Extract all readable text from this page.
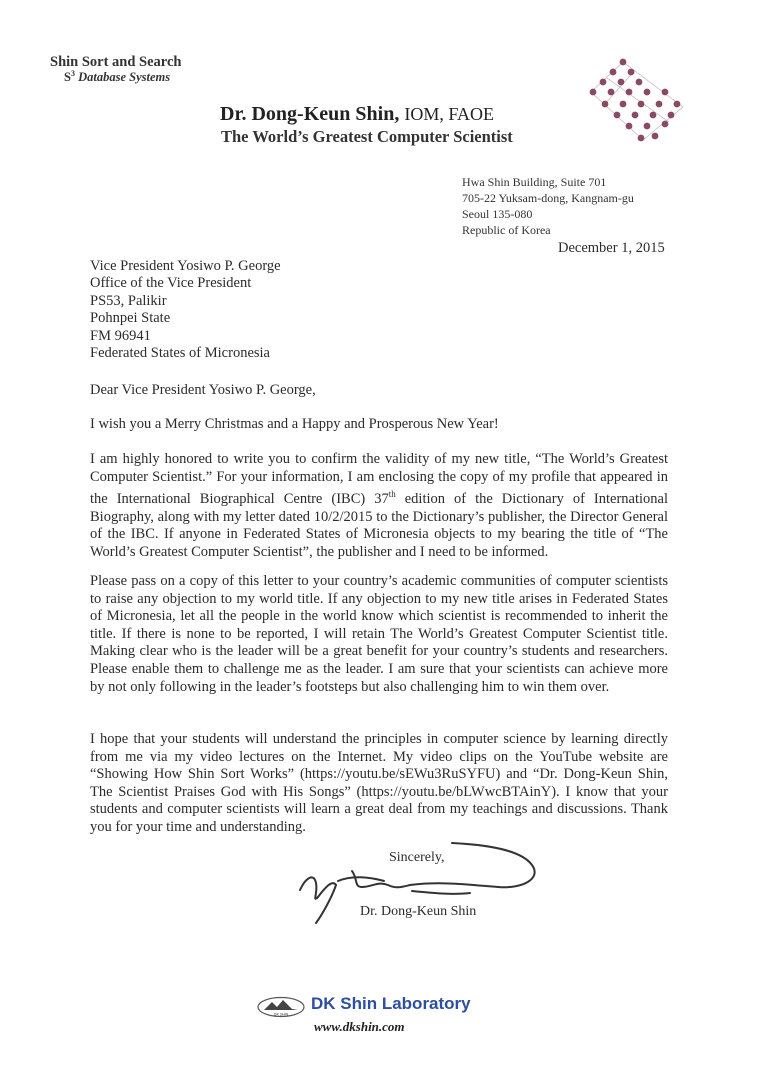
Shin Sort and Search
$S^3$ Database Systems
Dr. Dong-Keun Shin, IOM, FAOE
The World’s Greatest Computer Scientist
Hwa Shin Building, Suite 701
705-22 Yuksam-dong, Kangnam-gu
Seoul 135-080
Republic of Korea
December 1, 2015
Vice President Yosiwo P. George
Office of the Vice President
PS53, Palikir
Pohnpei State
FM 96941
Federated States of Micronesia
Dear Vice President Yosiwo P. George,
I wish you a Merry Christmas and a Happy and Prosperous New Year!
I am highly honored to write you to confirm the validity of my new title, “The World’s Greatest Computer Scientist.” For your information, I am enclosing the copy of my profile that appeared in the International Biographical Centre (IBC) 37th edition of the Dictionary of International Biography, along with my letter dated 10/2/2015 to the Dictionary’s publisher, the Director General of the IBC. If anyone in Federated States of Micronesia objects to my bearing the title of “The World’s Greatest Computer Scientist”, the publisher and I need to be informed.
Please pass on a copy of this letter to your country’s academic communities of computer scientists to raise any objection to my world title. If any objection to my new title arises in Federated States of Micronesia, let all the people in the world know which scientist is recommended to inherit the title. If there is none to be reported, I will retain The World’s Greatest Computer Scientist title. Making clear who is the leader will be a great benefit for your country’s students and researchers. Please enable them to challenge me as the leader. I am sure that your scientists can achieve more by not only following in the leader’s footsteps but also challenging him to win them over.
I hope that your students will understand the principles in computer science by learning directly from me via my video lectures on the Internet. My video clips on the YouTube website are “Showing How Shin Sort Works” (https://youtu.be/sEWu3RuSYFU) and “Dr. Dong-Keun Shin, The Scientist Praises God with His Songs” (https://youtu.be/bLWwcBTAinY). I know that your students and computer scientists will learn a great deal from my teachings and discussions. Thank you for your time and understanding.
Sincerely,
Dr. Dong-Keun Shin
DK SHIN
DK Shin Laboratory
www.dkshin.com
